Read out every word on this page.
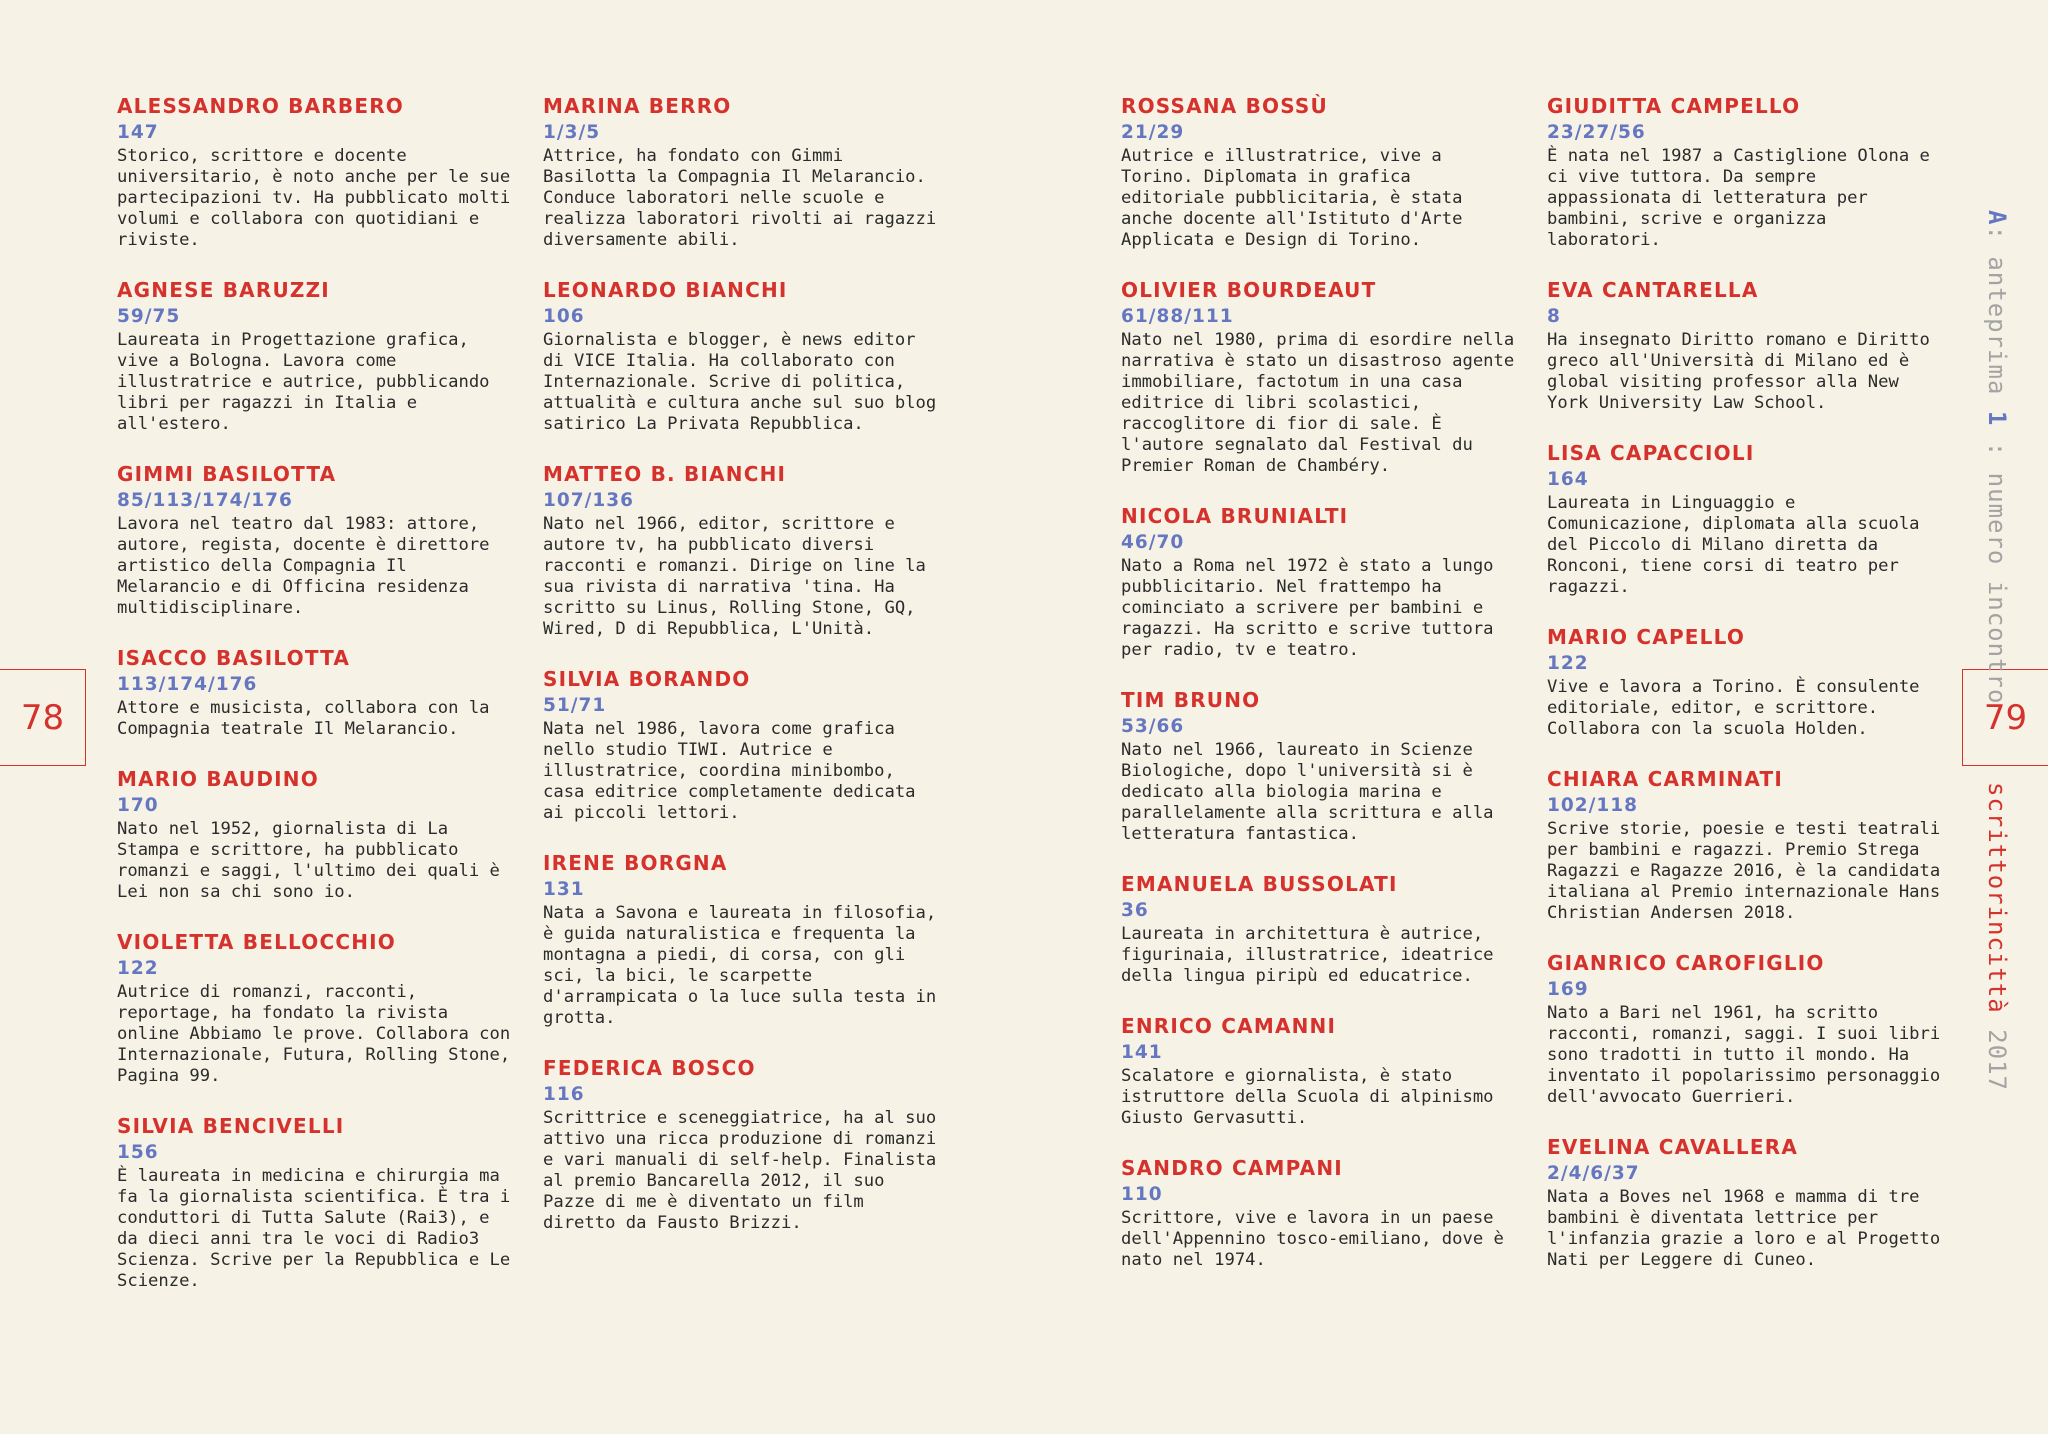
ALESSANDRO BARBERO
147
Storico, scrittore e docente universitario, è noto anche per le sue partecipazioni tv. Ha pubblicato molti volumi e collabora con quotidiani e riviste.
AGNESE BARUZZI
59/75
Laureata in Progettazione grafica, vive a Bologna. Lavora come illustratrice e autrice, pubblicando libri per ragazzi in Italia e all'estero.
GIMMI BASILOTTA
85/113/174/176
Lavora nel teatro dal 1983: attore, autore, regista, docente è direttore artistico della Compagnia Il Melarancio e di Officina residenza multidisciplinare.
ISACCO BASILOTTA
113/174/176
Attore e musicista, collabora con la Compagnia teatrale Il Melarancio.
MARIO BAUDINO
170
Nato nel 1952, giornalista di La Stampa e scrittore, ha pubblicato romanzi e saggi, l'ultimo dei quali è Lei non sa chi sono io.
VIOLETTA BELLOCCHIO
122
Autrice di romanzi, racconti, reportage, ha fondato la rivista online Abbiamo le prove. Collabora con Internazionale, Futura, Rolling Stone, Pagina 99.
SILVIA BENCIVELLI
156
È laureata in medicina e chirurgia ma fa la giornalista scientifica. È tra i conduttori di Tutta Salute (Rai3), e da dieci anni tra le voci di Radio3 Scienza. Scrive per la Repubblica e Le Scienze.
MARINA BERRO
1/3/5
Attrice, ha fondato con Gimmi Basilotta la Compagnia Il Melarancio. Conduce laboratori nelle scuole e realizza laboratori rivolti ai ragazzi diversamente abili.
LEONARDO BIANCHI
106
Giornalista e blogger, è news editor di VICE Italia. Ha collaborato con Internazionale. Scrive di politica, attualità e cultura anche sul suo blog satirico La Privata Repubblica.
MATTEO B. BIANCHI
107/136
Nato nel 1966, editor, scrittore e autore tv, ha pubblicato diversi racconti e romanzi. Dirige on line la sua rivista di narrativa 'tina. Ha scritto su Linus, Rolling Stone, GQ, Wired, D di Repubblica, L'Unità.
SILVIA BORANDO
51/71
Nata nel 1986, lavora come grafica nello studio TIWI. Autrice e illustratrice, coordina minibombo, casa editrice completamente dedicata ai piccoli lettori.
IRENE BORGNA
131
Nata a Savona e laureata in filosofia, è guida naturalistica e frequenta la montagna a piedi, di corsa, con gli sci, la bici, le scarpette d'arrampicata o la luce sulla testa in grotta.
FEDERICA BOSCO
116
Scrittrice e sceneggiatrice, ha al suo attivo una ricca produzione di romanzi e vari manuali di self-help. Finalista al premio Bancarella 2012, il suo Pazze di me è diventato un film diretto da Fausto Brizzi.
ROSSANA BOSSÙ
21/29
Autrice e illustratrice, vive a Torino. Diplomata in grafica editoriale pubblicitaria, è stata anche docente all'Istituto d'Arte Applicata e Design di Torino.
OLIVIER BOURDEAUT
61/88/111
Nato nel 1980, prima di esordire nella narrativa è stato un disastroso agente immobiliare, factotum in una casa editrice di libri scolastici, raccoglitore di fior di sale. È l'autore segnalato dal Festival du Premier Roman de Chambéry.
NICOLA BRUNIALTI
46/70
Nato a Roma nel 1972 è stato a lungo pubblicitario. Nel frattempo ha cominciato a scrivere per bambini e ragazzi. Ha scritto e scrive tuttora per radio, tv e teatro.
TIM BRUNO
53/66
Nato nel 1966, laureato in Scienze Biologiche, dopo l'università si è dedicato alla biologia marina e parallelamente alla scrittura e alla letteratura fantastica.
EMANUELA BUSSOLATI
36
Laureata in architettura è autrice, figurinaia, illustratrice, ideatrice della lingua piripù ed educatrice.
ENRICO CAMANNI
141
Scalatore e giornalista, è stato istruttore della Scuola di alpinismo Giusto Gervasutti.
SANDRO CAMPANI
110
Scrittore, vive e lavora in un paese dell'Appennino tosco-emiliano, dove è nato nel 1974.
GIUDITTA CAMPELLO
23/27/56
È nata nel 1987 a Castiglione Olona e ci vive tuttora. Da sempre appassionata di letteratura per bambini, scrive e organizza laboratori.
EVA CANTARELLA
8
Ha insegnato Diritto romano e Diritto greco all'Università di Milano ed è global visiting professor alla New York University Law School.
LISA CAPACCIOLI
164
Laureata in Linguaggio e Comunicazione, diplomata alla scuola del Piccolo di Milano diretta da Ronconi, tiene corsi di teatro per ragazzi.
MARIO CAPELLO
122
Vive e lavora a Torino. È consulente editoriale, editor, e scrittore. Collabora con la scuola Holden.
CHIARA CARMINATI
102/118
Scrive storie, poesie e testi teatrali per bambini e ragazzi. Premio Strega Ragazzi e Ragazze 2016, è la candidata italiana al Premio internazionale Hans Christian Andersen 2018.
GIANRICO CAROFIGLIO
169
Nato a Bari nel 1961, ha scritto racconti, romanzi, saggi. I suoi libri sono tradotti in tutto il mondo. Ha inventato il popolarissimo personaggio dell'avvocato Guerrieri.
EVELINA CAVALLERA
2/4/6/37
Nata a Boves nel 1968 e mamma di tre bambini è diventata lettrice per l'infanzia grazie a loro e al Progetto Nati per Leggere di Cuneo.
78	79
A: anteprima 1 : numero incontro
scrittorincittà 2017
